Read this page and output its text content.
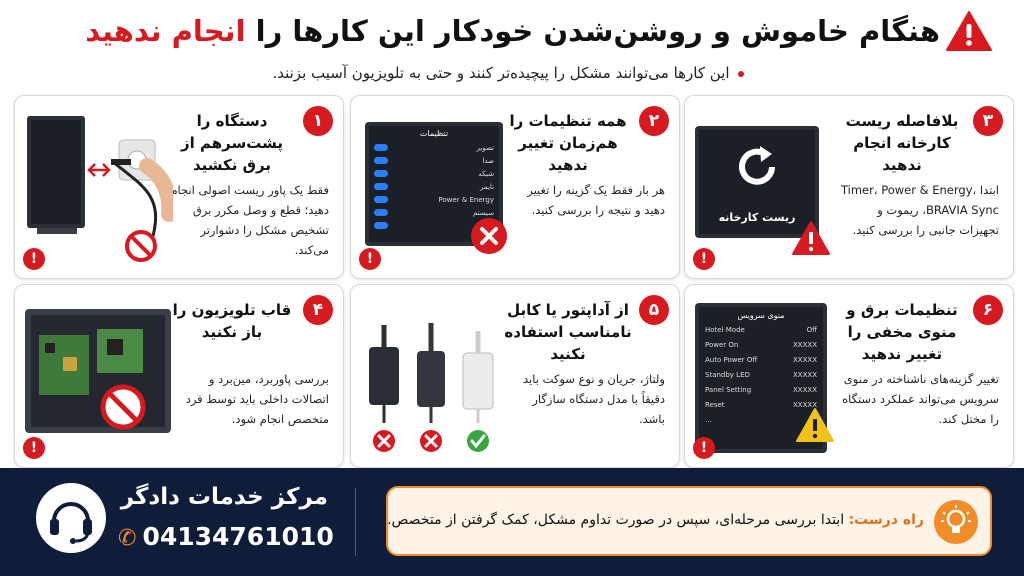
هنگام خاموش و روشن‌شدن خودکار این کارها را انجام ندهید
این کارها می‌توانند مشکل را پیچیده‌تر کنند و حتی به تلویزیون آسیب بزنند.
۱
دستگاه را پشت‌سرهم از برق نکشید
فقط یک پاور ریست اصولی انجام دهید؛ قطع و وصل مکرر برق تشخیص مشکل را دشوارتر می‌کند.
!
۲
همه تنظیمات را هم‌زمان تغییر ندهید
هر بار فقط یک گزینه را تغییر دهید و نتیجه را بررسی کنید.
تنظیمات
تصویر
صدا
شبکه
تایمر
Power & Energy
سیستم
!
۳
بلافاصله ریست کارخانه انجام ندهید
ابتدا Timer، Power & Energy، BRAVIA Sync، ریموت و تجهیزات جانبی را بررسی کنید.
ریست کارخانه
!
۴
قاب تلویزیون را باز نکنید
بررسی پاوربرد، مین‌برد و اتصالات داخلی باید توسط فرد متخصص انجام شود.
!
۵
از آداپتور یا کابل نامناسب استفاده نکنید
ولتاژ، جریان و نوع سوکت باید دقیقاً با مدل دستگاه سازگار باشد.
۶
تنظیمات برق و منوی مخفی را تغییر ندهید
تغییر گزینه‌های ناشناخته در منوی سرویس می‌تواند عملکرد دستگاه را مختل کند.
منوی سرویس
Hotel Mode	Off
Power On	XXXXX
Auto Power Off	XXXXX
Standby LED	XXXXX
Panel Setting	XXXXX
Reset	XXXXX
...
!
مرکز خدمات دادگر
✆ 04134761010
راه درست: ابتدا بررسی مرحله‌ای، سپس در صورت تداوم مشکل، کمک گرفتن از متخصص.
